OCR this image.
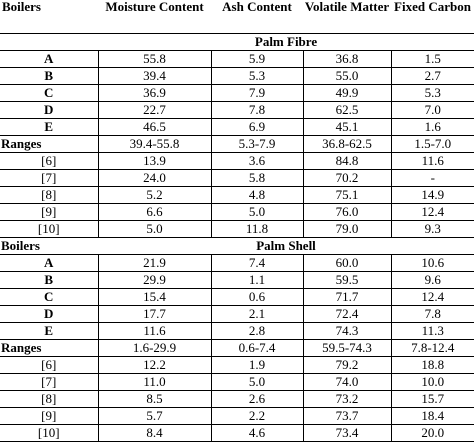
Boilers	Moisture Content	Ash Content	Volatile Matter	Fixed Carbon
	Palm Fibre			
A	55.8	5.9	36.8	1.5
B	39.4	5.3	55.0	2.7
C	36.9	7.9	49.9	5.3
D	22.7	7.8	62.5	7.0
E	46.5	6.9	45.1	1.6
Ranges	39.4-55.8	5.3-7.9	36.8-62.5	1.5-7.0
[6]	13.9	3.6	84.8	11.6
[7]	24.0	5.8	70.2	-
[8]	5.2	4.8	75.1	14.9
[9]	6.6	5.0	76.0	12.4
[10]	5.0	11.8	79.0	9.3
Boilers	Palm Shell			
A	21.9	7.4	60.0	10.6
B	29.9	1.1	59.5	9.6
C	15.4	0.6	71.7	12.4
D	17.7	2.1	72.4	7.8
E	11.6	2.8	74.3	11.3
Ranges	1.6-29.9	0.6-7.4	59.5-74.3	7.8-12.4
[6]	12.2	1.9	79.2	18.8
[7]	11.0	5.0	74.0	10.0
[8]	8.5	2.6	73.2	15.7
[9]	5.7	2.2	73.7	18.4
[10]	8.4	4.6	73.4	20.0
